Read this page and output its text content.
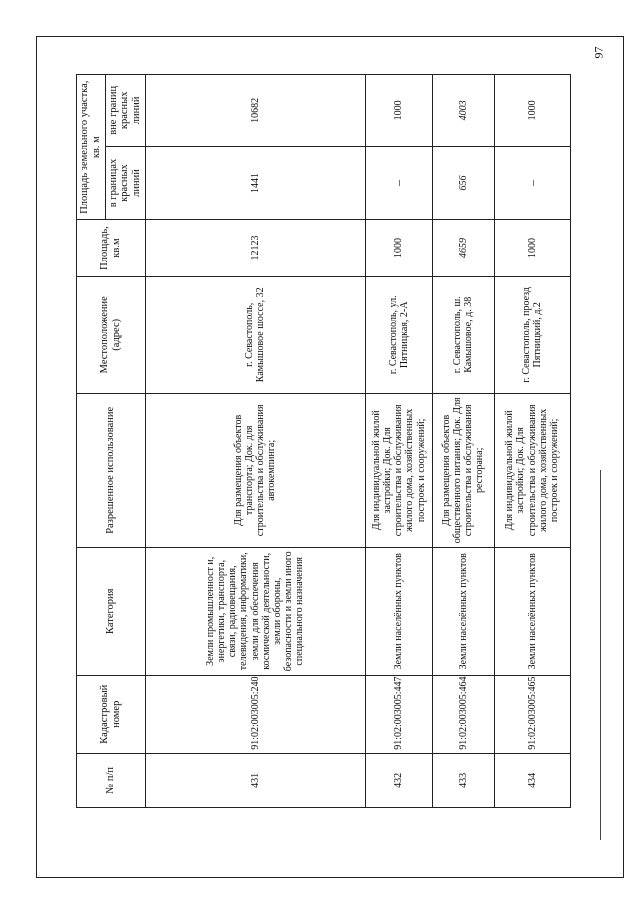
97
№ п/п	Кадастровый номер	Категория	Разрешенное использование	Местоположение (адрес)	Площадь, кв.м	Площадь земельного участка, кв. м	
						в границах красных линий	вне границ красных линий
431	91:02:003005:240	Земли промышленност и, энергетики, транспорта, связи, радиовещания, телевидения, информатики, земли для обеспечения космической деятельности, земли обороны, безопасности и земли иного специального назначения	Для размещения объектов транспорта; Док. для строительства и обслуживания автокемпинга;	г. Севастополь, Камышовое шоссе, 32	12123	1441	10682
432	91:02:003005:447	Земли населённых пунктов	Для индивидуальной жилой застройки; Док. Для строительства и обслуживания жилого дома, хозяйственных построек и сооружений;	г. Севастополь, ул. Пятницкая, 2-А	1000	–	1000
433	91:02:003005:464	Земли населённых пунктов	Для размещения объектов общественного питания; Док. Для строительства и обслуживания ресторана;	г. Севастополь, ш. Камышовое, д. 38	4659	656	4003
434	91:02:003005:465	Земли населённых пунктов	Для индивидуальной жилой застройки; Док. Для строительства и обслуживания жилого дома, хозяйственных построек и сооружений;	г. Севастополь, проезд Пятницкий, д.2	1000	–	1000
